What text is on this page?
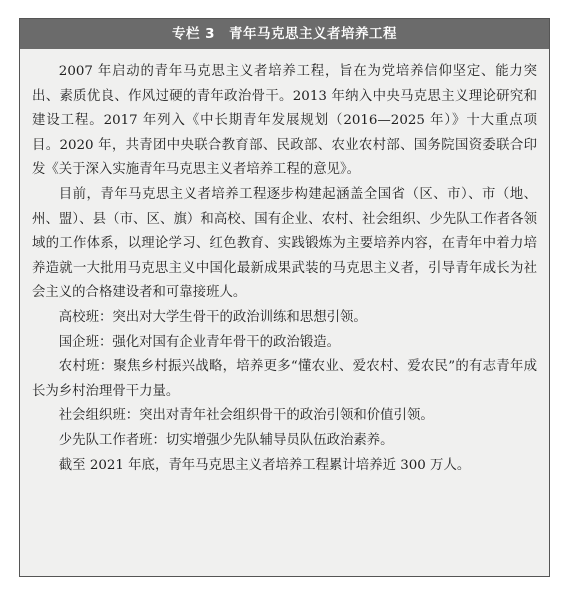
专栏 3 青年马克思主义者培养工程

2007 年启动的青年马克思主义者培养工程，旨在为党培养信仰坚定、能力突出、素质优良、作风过硬的青年政治骨干。2013 年纳入中央马克思主义理论研究和建设工程。2017 年列入《中长期青年发展规划（2016—2025 年）》十大重点项目。2020 年，共青团中央联合教育部、民政部、农业农村部、国务院国资委联合印发《关于深入实施青年马克思主义者培养工程的意见》。

目前，青年马克思主义者培养工程逐步构建起涵盖全国省（区、市）、市（地、州、盟）、县（市、区、旗）和高校、国有企业、农村、社会组织、少先队工作者各领域的工作体系，以理论学习、红色教育、实践锻炼为主要培养内容，在青年中着力培养造就一大批用马克思主义中国化最新成果武装的马克思主义者，引导青年成长为社会主义的合格建设者和可靠接班人。

高校班：突出对大学生骨干的政治训练和思想引领。

国企班：强化对国有企业青年骨干的政治锻造。

农村班：聚焦乡村振兴战略，培养更多“懂农业、爱农村、爱农民”的有志青年成长为乡村治理骨干力量。

社会组织班：突出对青年社会组织骨干的政治引领和价值引领。

少先队工作者班：切实增强少先队辅导员队伍政治素养。

截至 2021 年底，青年马克思主义者培养工程累计培养近 300 万人。
